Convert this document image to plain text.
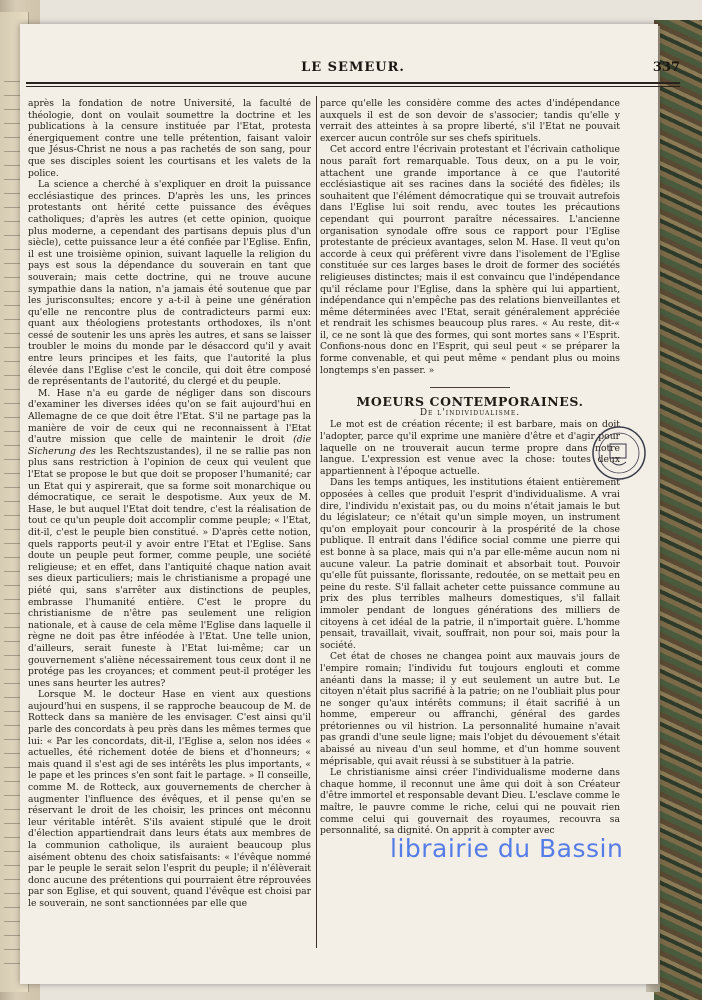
LE SEMEUR.	337

après la fondation de notre Université, la faculté de théologie, dont on voulait soumettre la doctrine et les publications à la censure instituée par l'Etat, protesta énergiquement contre une telle prétention, faisant valoir que Jésus-Christ ne nous a pas rachetés de son sang, pour que ses disciples soient les courtisans et les valets de la police.

La science a cherché à s'expliquer en droit la puissance ecclésiastique des princes. D'après les uns, les princes protestants ont hérité cette puissance des évêques catholiques; d'après les autres (et cette opinion, quoique plus moderne, a cependant des partisans depuis plus d'un siècle), cette puissance leur a été confiée par l'Eglise. Enfin, il est une troisième opinion, suivant laquelle la religion du pays est sous la dépendance du souverain en tant que souverain; mais cette doctrine, qui ne trouve aucune sympathie dans la nation, n'a jamais été soutenue que par les jurisconsultes; encore y a-t-il à peine une génération qu'elle ne rencontre plus de contradicteurs parmi eux: quant aux théologiens protestants orthodoxes, ils n'ont cessé de soutenir les uns après les autres, et sans se laisser troubler le moins du monde par le désaccord qu'il y avait entre leurs principes et les faits, que l'autorité la plus élevée dans l'Eglise c'est le concile, qui doit être composé de représentants de l'autorité, du clergé et du peuple.

M. Hase n'a eu garde de négliger dans son discours d'examiner les diverses idées qu'on se fait aujourd'hui en Allemagne de ce que doit être l'Etat. S'il ne partage pas la manière de voir de ceux qui ne reconnaissent à l'Etat d'autre mission que celle de maintenir le droit (die Sicherung des les Rechtszustandes), il ne se rallie pas non plus sans restriction à l'opinion de ceux qui veulent que l'Etat se propose le but que doit se proposer l'humanité; car un Etat qui y aspirerait, que sa forme soit monarchique ou démocratique, ce serait le despotisme. Aux yeux de M. Hase, le but auquel l'Etat doit tendre, c'est la réalisation de tout ce qu'un peuple doit accomplir comme peuple; « l'Etat, dit-il, c'est le peuple bien constitué. » D'après cette notion, quels rapports peut-il y avoir entre l'Etat et l'Eglise. Sans doute un peuple peut former, comme peuple, une société religieuse; et en effet, dans l'antiquité chaque nation avait ses dieux particuliers; mais le christianisme a propagé une piété qui, sans s'arrêter aux distinctions de peuples, embrasse l'humanité entière. C'est le propre du christianisme de n'être pas seulement une religion nationale, et à cause de cela même l'Eglise dans laquelle il règne ne doit pas être inféodée à l'Etat. Une telle union, d'ailleurs, serait funeste à l'Etat lui-même; car un gouvernement s'aliène nécessairement tous ceux dont il ne protége pas les croyances; et comment peut-il protéger les unes sans heurter les autres?

Lorsque M. le docteur Hase en vient aux questions aujourd'hui en suspens, il se rapproche beaucoup de M. de Rotteck dans sa manière de les envisager. C'est ainsi qu'il parle des concordats à peu près dans les mêmes termes que lui: « Par les concordats, dit-il, l'Eglise a, selon nos idées « actuelles, été richement dotée de biens et d'honneurs; « mais quand il s'est agi de ses intérêts les plus importants, « le pape et les princes s'en sont fait le partage. » Il conseille, comme M. de Rotteck, aux gouvernements de chercher à augmenter l'influence des évêques, et il pense qu'en se réservant le droit de les choisir, les princes ont méconnu leur véritable intérêt. S'ils avaient stipulé que le droit d'élection appartiendrait dans leurs états aux membres de la communion catholique, ils auraient beaucoup plus aisément obtenu des choix satisfaisants: « l'évêque nommé par le peuple le serait selon l'esprit du peuple; il n'élèverait donc aucune des prétentions qui pourraient être réprouvées par son Eglise, et qui souvent, quand l'évêque est choisi par le souverain, ne sont sanctionnées par elle que

parce qu'elle les considère comme des actes d'indépendance auxquels il est de son devoir de s'associer; tandis qu'elle y verrait des atteintes à sa propre liberté, s'il l'Etat ne pouvait exercer aucun contrôle sur ses chefs spirituels.

Cet accord entre l'écrivain protestant et l'écrivain catholique nous paraît fort remarquable. Tous deux, on a pu le voir, attachent une grande importance à ce que l'autorité ecclésiastique ait ses racines dans la société des fidèles; ils souhaitent que l'élément démocratique qui se trouvait autrefois dans l'Eglise lui soit rendu, avec toutes les précautions cependant qui pourront paraître nécessaires. L'ancienne organisation synodale offre sous ce rapport pour l'Eglise protestante de précieux avantages, selon M. Hase. Il veut qu'on accorde à ceux qui préfèrent vivre dans l'isolement de l'Eglise constituée sur ces larges bases le droit de former des sociétés religieuses distinctes; mais il est convaincu que l'indépendance qu'il réclame pour l'Eglise, dans la sphère qui lui appartient, indépendance qui n'empêche pas des relations bienveillantes et même déterminées avec l'Etat, serait généralement appréciée et rendrait les schismes beaucoup plus rares. « Au reste, dit-« il, ce ne sont là que des formes, qui sont mortes sans « l'Esprit. Confions-nous donc en l'Esprit, qui seul peut « se préparer la forme convenable, et qui peut même « pendant plus ou moins longtemps s'en passer. »

MOEURS CONTEMPORAINES.

De l'individualisme.

Le mot est de création récente; il est barbare, mais on doit l'adopter, parce qu'il exprime une manière d'être et d'agir pour laquelle on ne trouverait aucun terme propre dans notre langue. L'expression est venue avec la chose: toutes deux appartiennent à l'époque actuelle.

Dans les temps antiques, les institutions étaient entièrement opposées à celles que produit l'esprit d'individualisme. A vrai dire, l'individu n'existait pas, ou du moins n'était jamais le but du législateur; ce n'était qu'un simple moyen, un instrument qu'on employait pour concourir à la prospérité de la chose publique. Il entrait dans l'édifice social comme une pierre qui est bonne à sa place, mais qui n'a par elle-même aucun nom ni aucune valeur. La patrie dominait et absorbait tout. Pouvoir qu'elle fût puissante, florissante, redoutée, on se mettait peu en peine du reste. S'il fallait acheter cette puissance commune au prix des plus terribles malheurs domestiques, s'il fallait immoler pendant de longues générations des milliers de citoyens à cet idéal de la patrie, il n'importait guère. L'homme pensait, travaillait, vivait, souffrait, non pour soi, mais pour la société.

Cet état de choses ne changea point aux mauvais jours de l'empire romain; l'individu fut toujours englouti et comme anéanti dans la masse; il y eut seulement un autre but. Le citoyen n'était plus sacrifié à la patrie; on ne l'oubliait plus pour ne songer qu'aux intérêts communs; il était sacrifié à un homme, empereur ou affranchi, général des gardes prétoriennes ou vil histrion. La personnalité humaine n'avait pas grandi d'une seule ligne; mais l'objet du dévouement s'était abaissé au niveau d'un seul homme, et d'un homme souvent méprisable, qui avait réussi à se substituer à la patrie.

Le christianisme ainsi créer l'individualisme moderne dans chaque homme, il reconnut une âme qui doit à son Créateur d'être immortel et responsable devant Dieu. L'esclave comme le maître, le pauvre comme le riche, celui qui ne pouvait rien comme celui qui gouvernait des royaumes, recouvra sa personnalité, sa dignité. On apprit à compter avec

librairie du Bassin
